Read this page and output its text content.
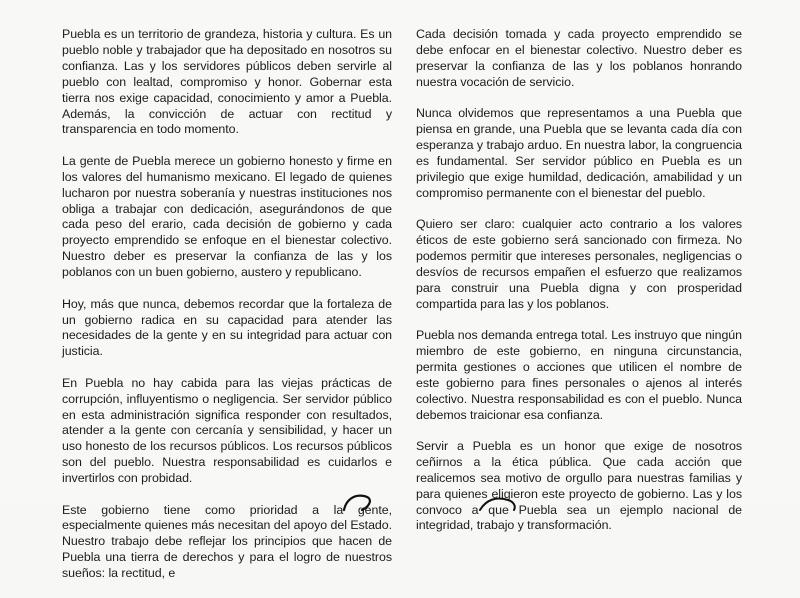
Puebla es un territorio de grandeza, historia y cultura. Es un pueblo noble y trabajador que ha depositado en nosotros su confianza. Las y los servidores públicos deben servirle al pueblo con lealtad, compromiso y honor. Gobernar esta tierra nos exige capacidad, conocimiento y amor a Puebla. Además, la convicción de actuar con rectitud y transparencia en todo momento.

La gente de Puebla merece un gobierno honesto y firme en los valores del humanismo mexicano. El legado de quienes lucharon por nuestra soberanía y nuestras instituciones nos obliga a trabajar con dedicación, asegurándonos de que cada peso del erario, cada decisión de gobierno y cada proyecto emprendido se enfoque en el bienestar colectivo. Nuestro deber es preservar la confianza de las y los poblanos con un buen gobierno, austero y republicano.

Hoy, más que nunca, debemos recordar que la fortaleza de un gobierno radica en su capacidad para atender las necesidades de la gente y en su integridad para actuar con justicia.

En Puebla no hay cabida para las viejas prácticas de corrupción, influyentismo o negligencia. Ser servidor público en esta administración significa responder con resultados, atender a la gente con cercanía y sensibilidad, y hacer un uso honesto de los recursos públicos. Los recursos públicos son del pueblo. Nuestra responsabilidad es cuidarlos e invertirlos con probidad.

Este gobierno tiene como prioridad a la gente, especialmente quienes más necesitan del apoyo del Estado. Nuestro trabajo debe reflejar los principios que hacen de Puebla una tierra de derechos y para el logro de nuestros sueños: la rectitud, e

Cada decisión tomada y cada proyecto emprendido se debe enfocar en el bienestar colectivo. Nuestro deber es preservar la confianza de las y los poblanos honrando nuestra vocación de servicio.

Nunca olvidemos que representamos a una Puebla que piensa en grande, una Puebla que se levanta cada día con esperanza y trabajo arduo. En nuestra labor, la congruencia es fundamental. Ser servidor público en Puebla es un privilegio que exige humildad, dedicación, amabilidad y un compromiso permanente con el bienestar del pueblo.

Quiero ser claro: cualquier acto contrario a los valores éticos de este gobierno será sancionado con firmeza. No podemos permitir que intereses personales, negligencias o desvíos de recursos empañen el esfuerzo que realizamos para construir una Puebla digna y con prosperidad compartida para las y los poblanos.

Puebla nos demanda entrega total. Les instruyo que ningún miembro de este gobierno, en ninguna circunstancia, permita gestiones o acciones que utilicen el nombre de este gobierno para fines personales o ajenos al interés colectivo. Nuestra responsabilidad es con el pueblo. Nunca debemos traicionar esa confianza.

Servir a Puebla es un honor que exige de nosotros ceñirnos a la ética pública. Que cada acción que realicemos sea motivo de orgullo para nuestras familias y para quienes eligieron este proyecto de gobierno. Las y los convoco a que Puebla sea un ejemplo nacional de integridad, trabajo y transformación.
